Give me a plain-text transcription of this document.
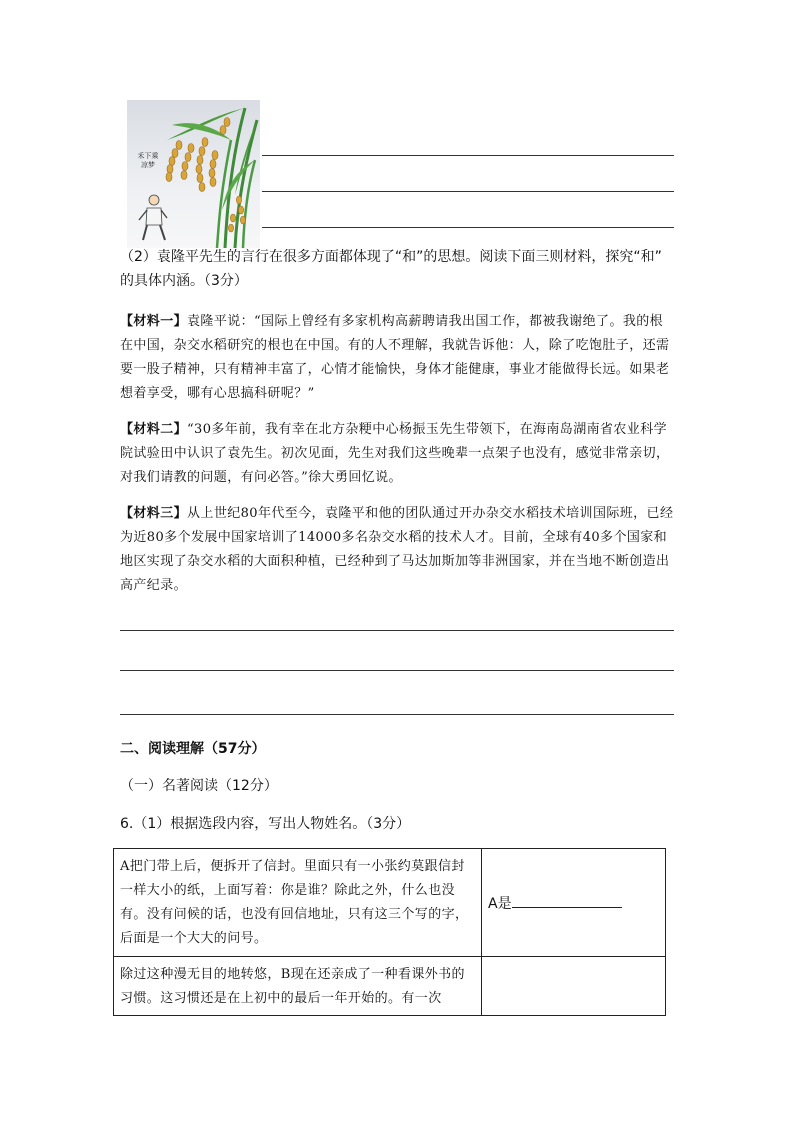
禾下乘凉梦
（2）袁隆平先生的言行在很多方面都体现了“和”的思想。阅读下面三则材料，探究“和”
的具体内涵。（3分）
【材料一】袁隆平说：“国际上曾经有多家机构高薪聘请我出国工作，都被我谢绝了。我的根在中国，杂交水稻研究的根也在中国。有的人不理解，我就告诉他：人，除了吃饱肚子，还需要一股子精神，只有精神丰富了，心情才能愉快，身体才能健康，事业才能做得长远。如果老想着享受，哪有心思搞科研呢？”
【材料二】“30多年前，我有幸在北方杂粳中心杨振玉先生带领下，在海南岛湖南省农业科学院试验田中认识了袁先生。初次见面，先生对我们这些晚辈一点架子也没有，感觉非常亲切，对我们请教的问题，有问必答。”徐大勇回忆说。
【材料三】从上世纪80年代至今，袁隆平和他的团队通过开办杂交水稻技术培训国际班，已经为近80多个发展中国家培训了14000多名杂交水稻的技术人才。目前，全球有40多个国家和地区实现了杂交水稻的大面积种植，已经种到了马达加斯加等非洲国家，并在当地不断创造出高产纪录。
二、阅读理解（57分）
（一）名著阅读（12分）
6.（1）根据选段内容，写出人物姓名。（3分）
A把门带上后，便拆开了信封。里面只有一小张约莫跟信封一样大小的纸，上面写着：你是谁？除此之外，什么也没有。没有问候的话，也没有回信地址，只有这三个写的字，后面是一个大大的问号。	A是
除过这种漫无目的地转悠，B现在还亲成了一种看课外书的习惯。这习惯还是在上初中的最后一年开始的。有一次	
